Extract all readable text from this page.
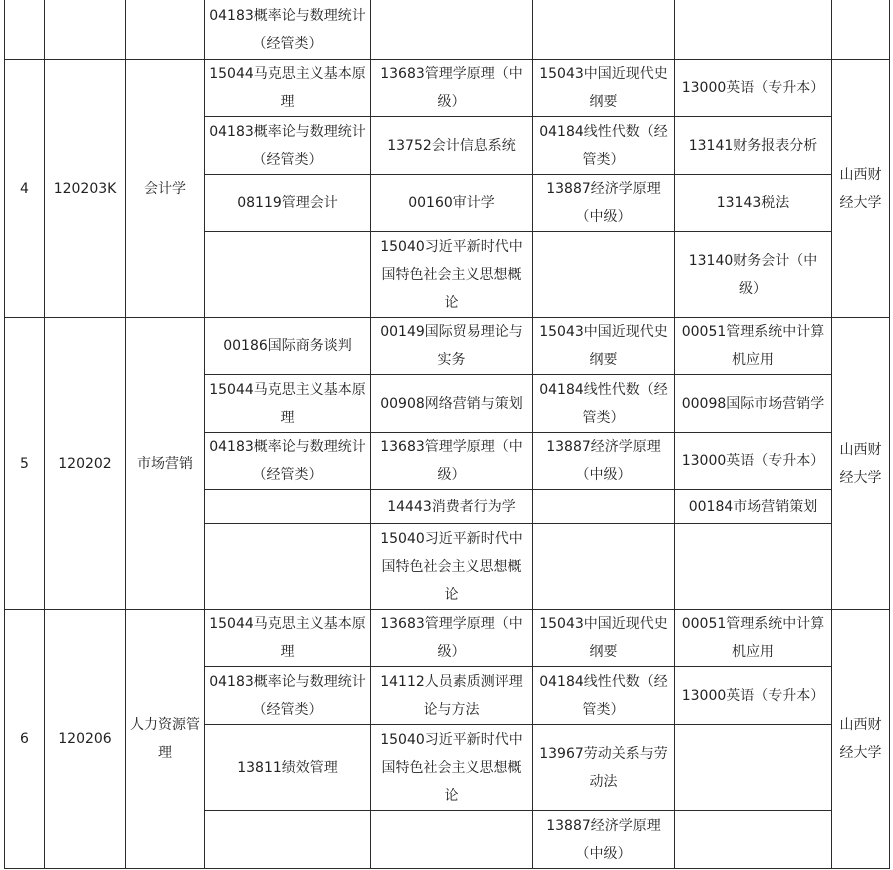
			04183概率论与数理统计（经管类）				
4	120203K	会计学	15044马克思主义基本原理	13683管理学原理（中级）	15043中国近现代史纲要	13000英语（专升本）	山西财经大学
			04183概率论与数理统计（经管类）	13752会计信息系统	04184线性代数（经管类）	13141财务报表分析	
			08119管理会计	00160审计学	13887经济学原理（中级）	13143税法	
				15040习近平新时代中国特色社会主义思想概论		13140财务会计（中级）	
5	120202	市场营销	00186国际商务谈判	00149国际贸易理论与实务	15043中国近现代史纲要	00051管理系统中计算机应用	山西财经大学
			15044马克思主义基本原理	00908网络营销与策划	04184线性代数（经管类）	00098国际市场营销学	
			04183概率论与数理统计（经管类）	13683管理学原理（中级）	13887经济学原理（中级）	13000英语（专升本）	
				14443消费者行为学		00184市场营销策划	
				15040习近平新时代中国特色社会主义思想概论			
6	120206	人力资源管理	15044马克思主义基本原理	13683管理学原理（中级）	15043中国近现代史纲要	00051管理系统中计算机应用	山西财经大学
			04183概率论与数理统计（经管类）	14112人员素质测评理论与方法	04184线性代数（经管类）	13000英语（专升本）	
			13811绩效管理	15040习近平新时代中国特色社会主义思想概论	13967劳动关系与劳动法		
					13887经济学原理（中级）		
